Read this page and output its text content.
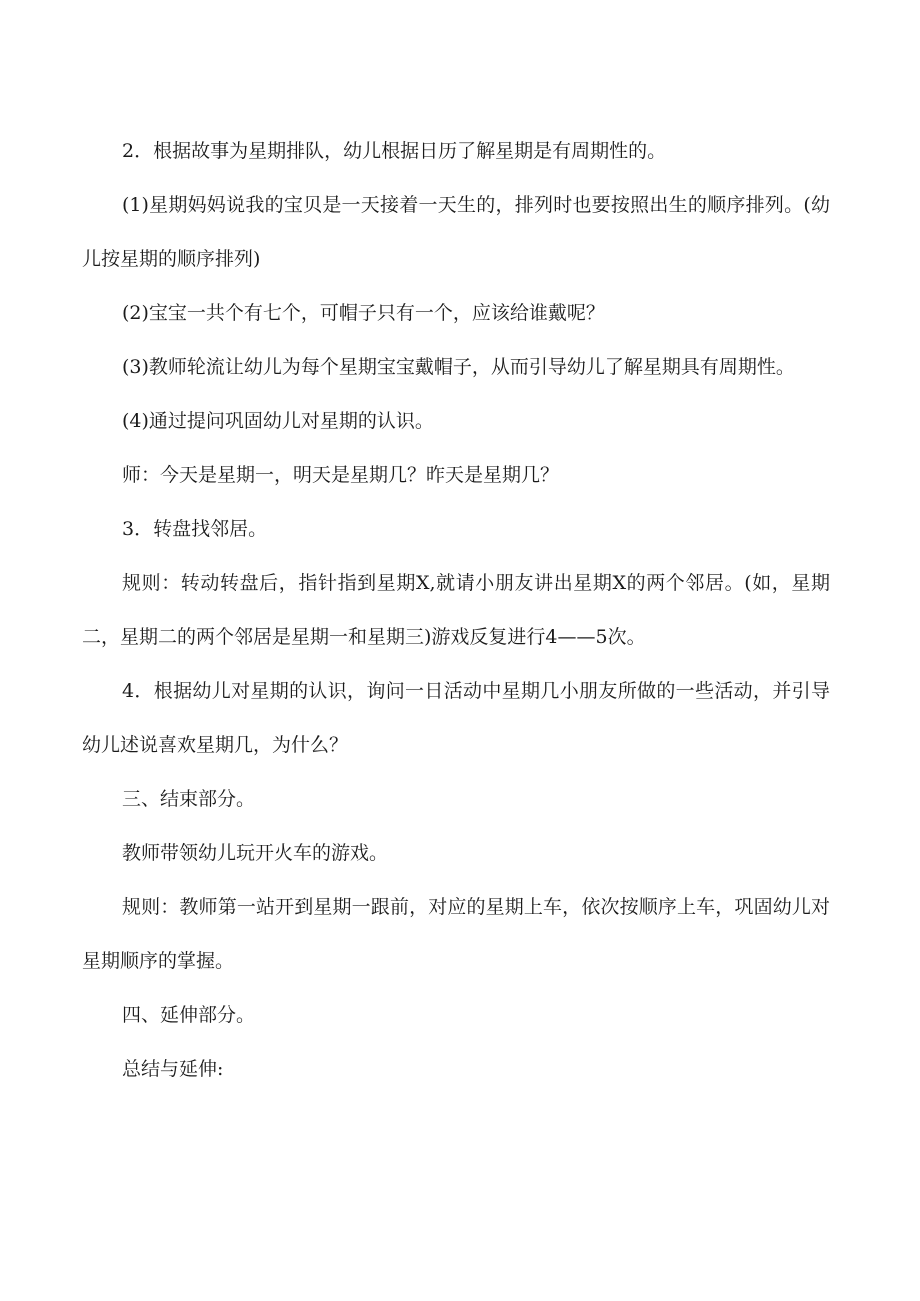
2．根据故事为星期排队，幼儿根据日历了解星期是有周期性的。

(1)星期妈妈说我的宝贝是一天接着一天生的，排列时也要按照出生的顺序排列。(幼儿按星期的顺序排列)

(2)宝宝一共个有七个，可帽子只有一个，应该给谁戴呢？

(3)教师轮流让幼儿为每个星期宝宝戴帽子，从而引导幼儿了解星期具有周期性。

(4)通过提问巩固幼儿对星期的认识。

师：今天是星期一，明天是星期几？昨天是星期几？

3．转盘找邻居。

规则：转动转盘后，指针指到星期X,就请小朋友讲出星期X的两个邻居。(如，星期二，星期二的两个邻居是星期一和星期三)游戏反复进行4——5次。

4．根据幼儿对星期的认识，询问一日活动中星期几小朋友所做的一些活动，并引导幼儿述说喜欢星期几，为什么？

三、结束部分。

教师带领幼儿玩开火车的游戏。

规则：教师第一站开到星期一跟前，对应的星期上车，依次按顺序上车，巩固幼儿对星期顺序的掌握。

四、延伸部分。

总结与延伸:
